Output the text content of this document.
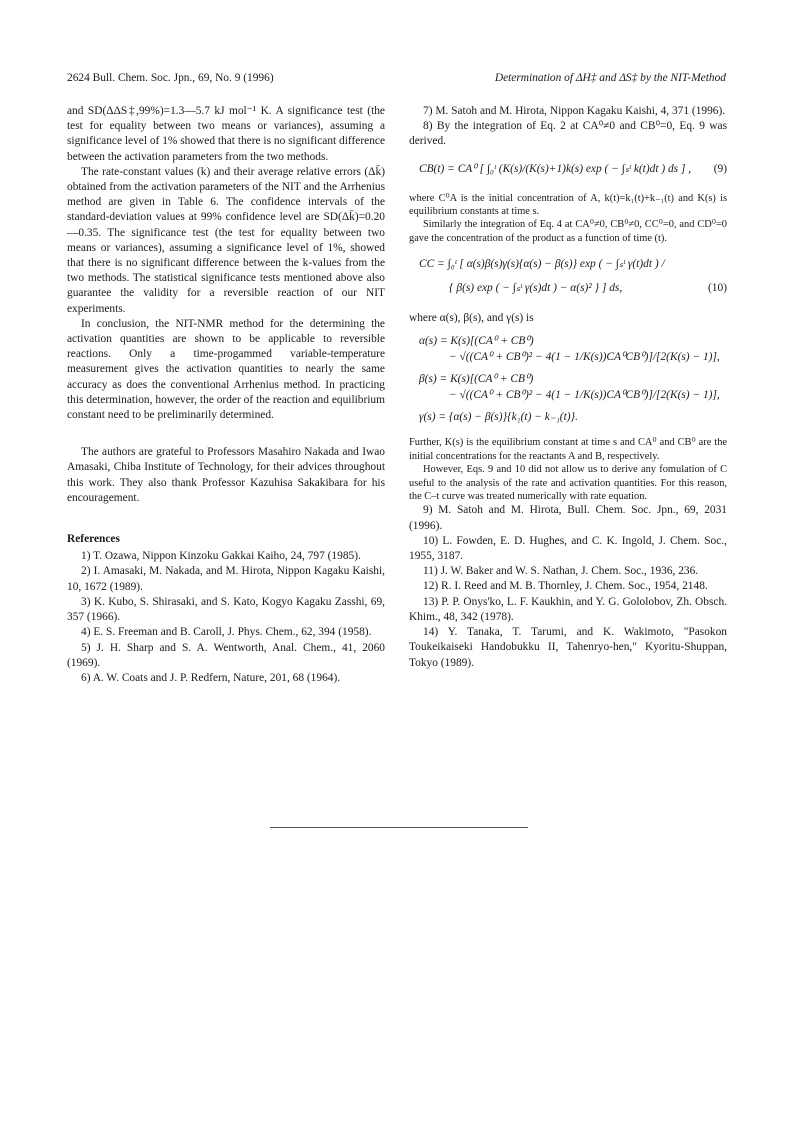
2624 Bull. Chem. Soc. Jpn., 69, No. 9 (1996)	Determination of ΔH‡ and ΔS‡ by the NIT-Method

and SD(ΔΔS‡,99%)=1.3—5.7 kJ mol⁻¹ K. A significance test (the test for equality between two means or variances), assuming a significance level of 1% showed that there is no significant difference between the activation parameters from the two methods.

The rate-constant values (k) and their average relative errors (Δk̄) obtained from the activation parameters of the NIT and the Arrhenius method are given in Table 6. The confidence intervals of the standard-deviation values at 99% confidence level are SD(Δk̄)=0.20—0.35. The significance test (the test for equality between two means or variances), assuming a significance level of 1%, showed that there is no significant difference between the k-values from the two methods. The statistical significance tests mentioned above also guarantee the validity for a reversible reaction of our NIT experiments.

In conclusion, the NIT-NMR method for the determining the activation quantities are shown to be applicable to reversible reactions. Only a time-progammed variable-temperature measurement gives the activation quantities to nearly the same accuracy as does the conventional Arrhenius method. In practicing this determination, however, the order of the reaction and equilibrium constant need to be preliminarily determined.

The authors are grateful to Professors Masahiro Nakada and Iwao Amasaki, Chiba Institute of Technology, for their advices throughout this work. They also thank Professor Kazuhisa Sakakibara for his encouragement.

References

1) T. Ozawa, Nippon Kinzoku Gakkai Kaiho, 24, 797 (1985).

2) I. Amasaki, M. Nakada, and M. Hirota, Nippon Kagaku Kaishi, 10, 1672 (1989).

3) K. Kubo, S. Shirasaki, and S. Kato, Kogyo Kagaku Zasshi, 69, 357 (1966).

4) E. S. Freeman and B. Caroll, J. Phys. Chem., 62, 394 (1958).

5) J. H. Sharp and S. A. Wentworth, Anal. Chem., 41, 2060 (1969).

6) A. W. Coats and J. P. Redfern, Nature, 201, 68 (1964).

7) M. Satoh and M. Hirota, Nippon Kagaku Kaishi, 4, 371 (1996).

8) By the integration of Eq. 2 at CA⁰≠0 and CB⁰=0, Eq. 9 was derived.

CB(t) = CA⁰ [ ∫₀ᵗ (K(s)/(K(s)+1)k(s) exp ( − ∫ₛᵗ k(t)dt ) ds ] , (9)

where C⁰A is the initial concentration of A, k(t)=k₁(t)+k₋₁(t) and K(s) is equilibrium constants at time s.

Similarly the integration of Eq. 4 at CA⁰≠0, CB⁰≠0, CC⁰=0, and CD⁰=0 gave the concentration of the product as a function of time (t).

CC = ∫₀ᵗ [ α(s)β(s)γ(s){α(s) − β(s)} exp ( − ∫ₛᵗ γ(t)dt ) /
{ β(s) exp ( − ∫ₛᵗ γ(s)dt ) − α(s)² } ] ds,	(10)

where α(s), β(s), and γ(s) is

α(s) = K(s)[(CA⁰ + CB⁰)
− √((CA⁰ + CB⁰)² − 4(1 − 1/K(s))CA⁰CB⁰)]/[2(K(s) − 1)],
β(s) = K(s)[(CA⁰ + CB⁰)
− √((CA⁰ + CB⁰)² − 4(1 − 1/K(s))CA⁰CB⁰)]/[2(K(s) − 1)],
γ(s) = {α(s) − β(s)}{k₁(t) − k₋₁(t)}.

Further, K(s) is the equilibrium constant at time s and CA⁰ and CB⁰ are the initial concentrations for the reactants A and B, respectively.

However, Eqs. 9 and 10 did not allow us to derive any fomulation of C useful to the analysis of the rate and activation quantities. For this reason, the C–t curve was treated numerically with rate equation.

9) M. Satoh and M. Hirota, Bull. Chem. Soc. Jpn., 69, 2031 (1996).

10) L. Fowden, E. D. Hughes, and C. K. Ingold, J. Chem. Soc., 1955, 3187.

11) J. W. Baker and W. S. Nathan, J. Chem. Soc., 1936, 236.

12) R. I. Reed and M. B. Thornley, J. Chem. Soc., 1954, 2148.

13) P. P. Onys'ko, L. F. Kaukhin, and Y. G. Gololobov, Zh. Obsch. Khim., 48, 342 (1978).

14) Y. Tanaka, T. Tarumi, and K. Wakimoto, "Pasokon Toukeikaiseki Handobukku II, Tahenryo-hen," Kyoritu-Shuppan, Tokyo (1989).
